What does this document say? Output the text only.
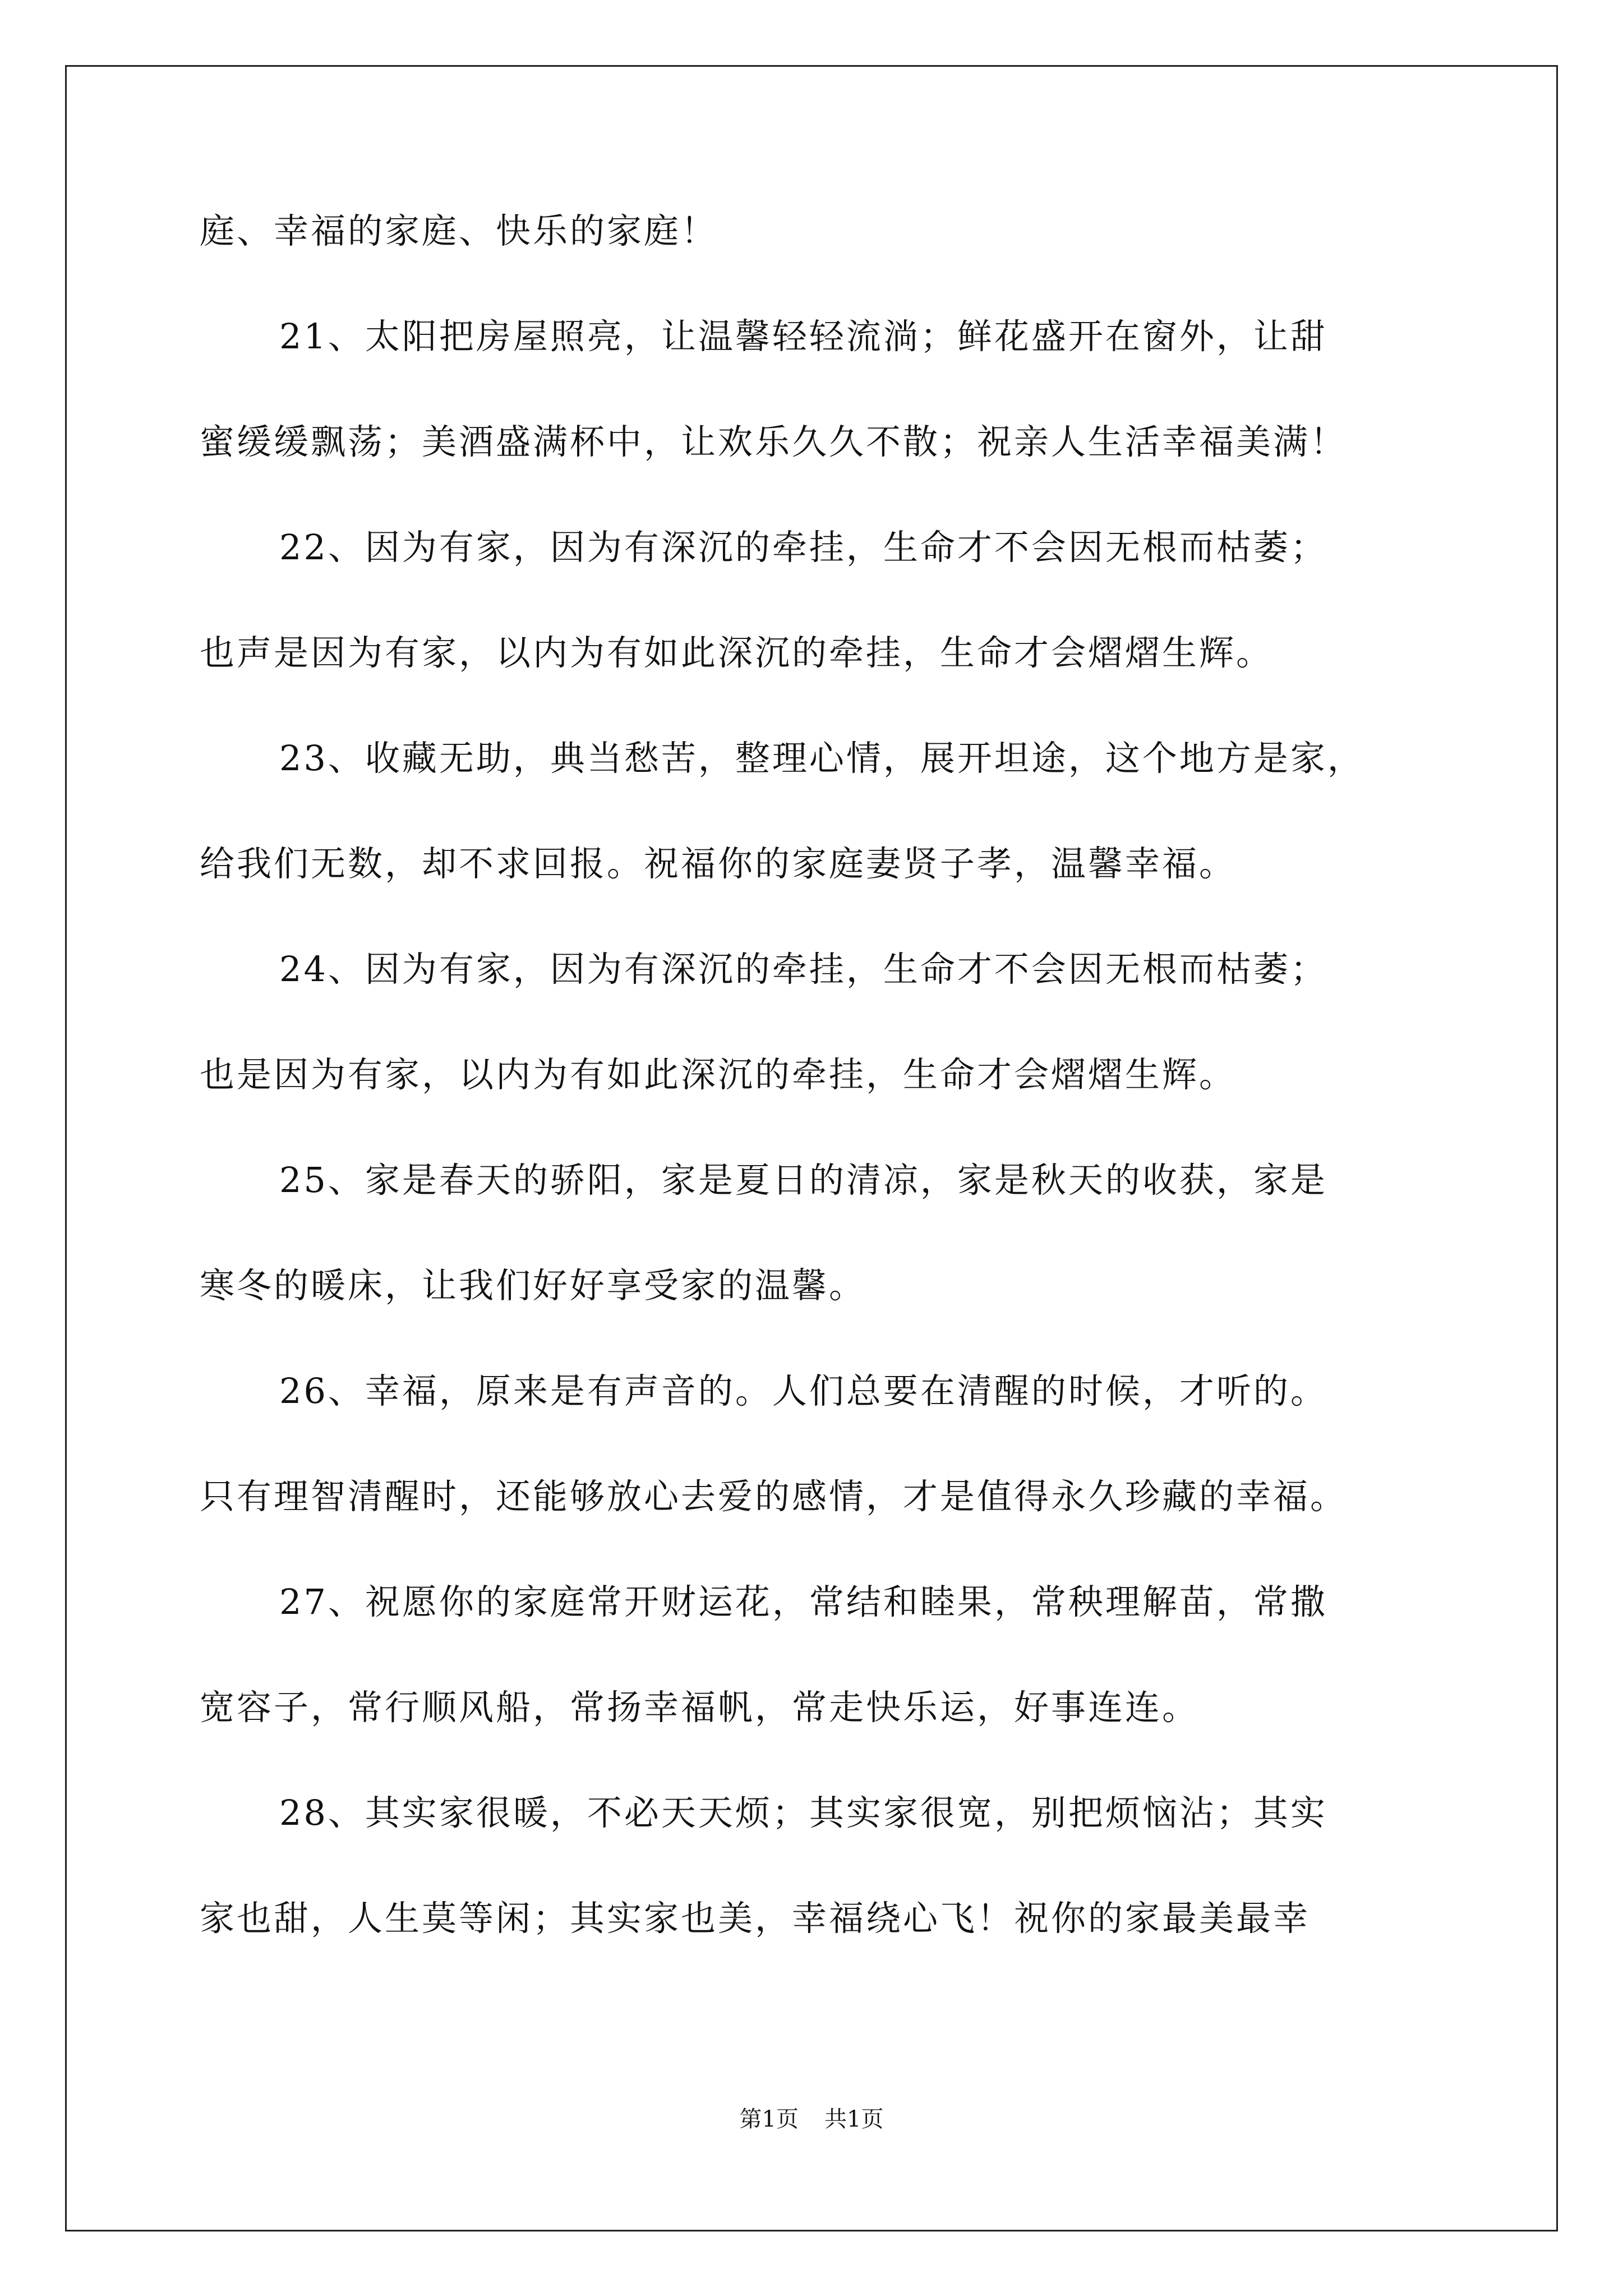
庭、幸福的家庭、快乐的家庭！
21、太阳把房屋照亮，让温馨轻轻流淌；鲜花盛开在窗外，让甜
蜜缓缓飘荡；美酒盛满杯中，让欢乐久久不散；祝亲人生活幸福美满！
22、因为有家，因为有深沉的牵挂，生命才不会因无根而枯萎；
也声是因为有家，以内为有如此深沉的牵挂，生命才会熠熠生辉。
23、收藏无助，典当愁苦，整理心情，展开坦途，这个地方是家，
给我们无数，却不求回报。祝福你的家庭妻贤子孝，温馨幸福。
24、因为有家，因为有深沉的牵挂，生命才不会因无根而枯萎；
也是因为有家，以内为有如此深沉的牵挂，生命才会熠熠生辉。
25、家是春天的骄阳，家是夏日的清凉，家是秋天的收获，家是
寒冬的暖床，让我们好好享受家的温馨。
26、幸福，原来是有声音的。人们总要在清醒的时候，才听的。
只有理智清醒时，还能够放心去爱的感情，才是值得永久珍藏的幸福。
27、祝愿你的家庭常开财运花，常结和睦果，常秧理解苗，常撒
宽容子，常行顺风船，常扬幸福帆，常走快乐运，好事连连。
28、其实家很暖，不必天天烦；其实家很宽，别把烦恼沾；其实
家也甜，人生莫等闲；其实家也美，幸福绕心飞！祝你的家最美最幸
第1页 共1页
